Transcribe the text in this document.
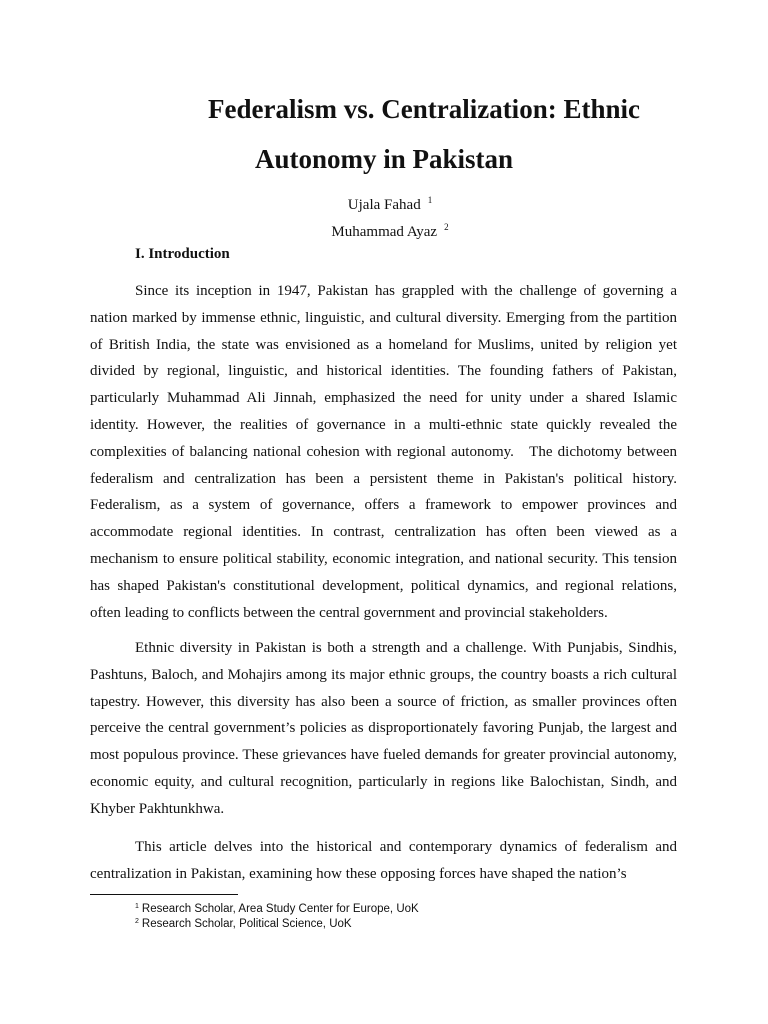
Federalism vs. Centralization: Ethnic
Autonomy in Pakistan
Ujala Fahad $^1$
Muhammad Ayaz $^2$
I. Introduction

Since its inception in 1947, Pakistan has grappled with the challenge of governing a nation marked by immense ethnic, linguistic, and cultural diversity. Emerging from the partition of British India, the state was envisioned as a homeland for Muslims, united by religion yet divided by regional, linguistic, and historical identities. The founding fathers of Pakistan, particularly Muhammad Ali Jinnah, emphasized the need for unity under a shared Islamic identity. However, the realities of governance in a multi-ethnic state quickly revealed the complexities of balancing national cohesion with regional autonomy.   The dichotomy between federalism and centralization has been a persistent theme in Pakistan's political history. Federalism, as a system of governance, offers a framework to empower provinces and accommodate regional identities. In contrast, centralization has often been viewed as a mechanism to ensure political stability, economic integration, and national security. This tension has shaped Pakistan's constitutional development, political dynamics, and regional relations, often leading to conflicts between the central government and provincial stakeholders.

Ethnic diversity in Pakistan is both a strength and a challenge. With Punjabis, Sindhis, Pashtuns, Baloch, and Mohajirs among its major ethnic groups, the country boasts a rich cultural tapestry. However, this diversity has also been a source of friction, as smaller provinces often perceive the central government’s policies as disproportionately favoring Punjab, the largest and most populous province. These grievances have fueled demands for greater provincial autonomy, economic equity, and cultural recognition, particularly in regions like Balochistan, Sindh, and Khyber Pakhtunkhwa.

This article delves into the historical and contemporary dynamics of federalism and centralization in Pakistan, examining how these opposing forces have shaped the nation’s

$^1$ Research Scholar, Area Study Center for Europe, UoK

$^2$ Research Scholar, Political Science, UoK
